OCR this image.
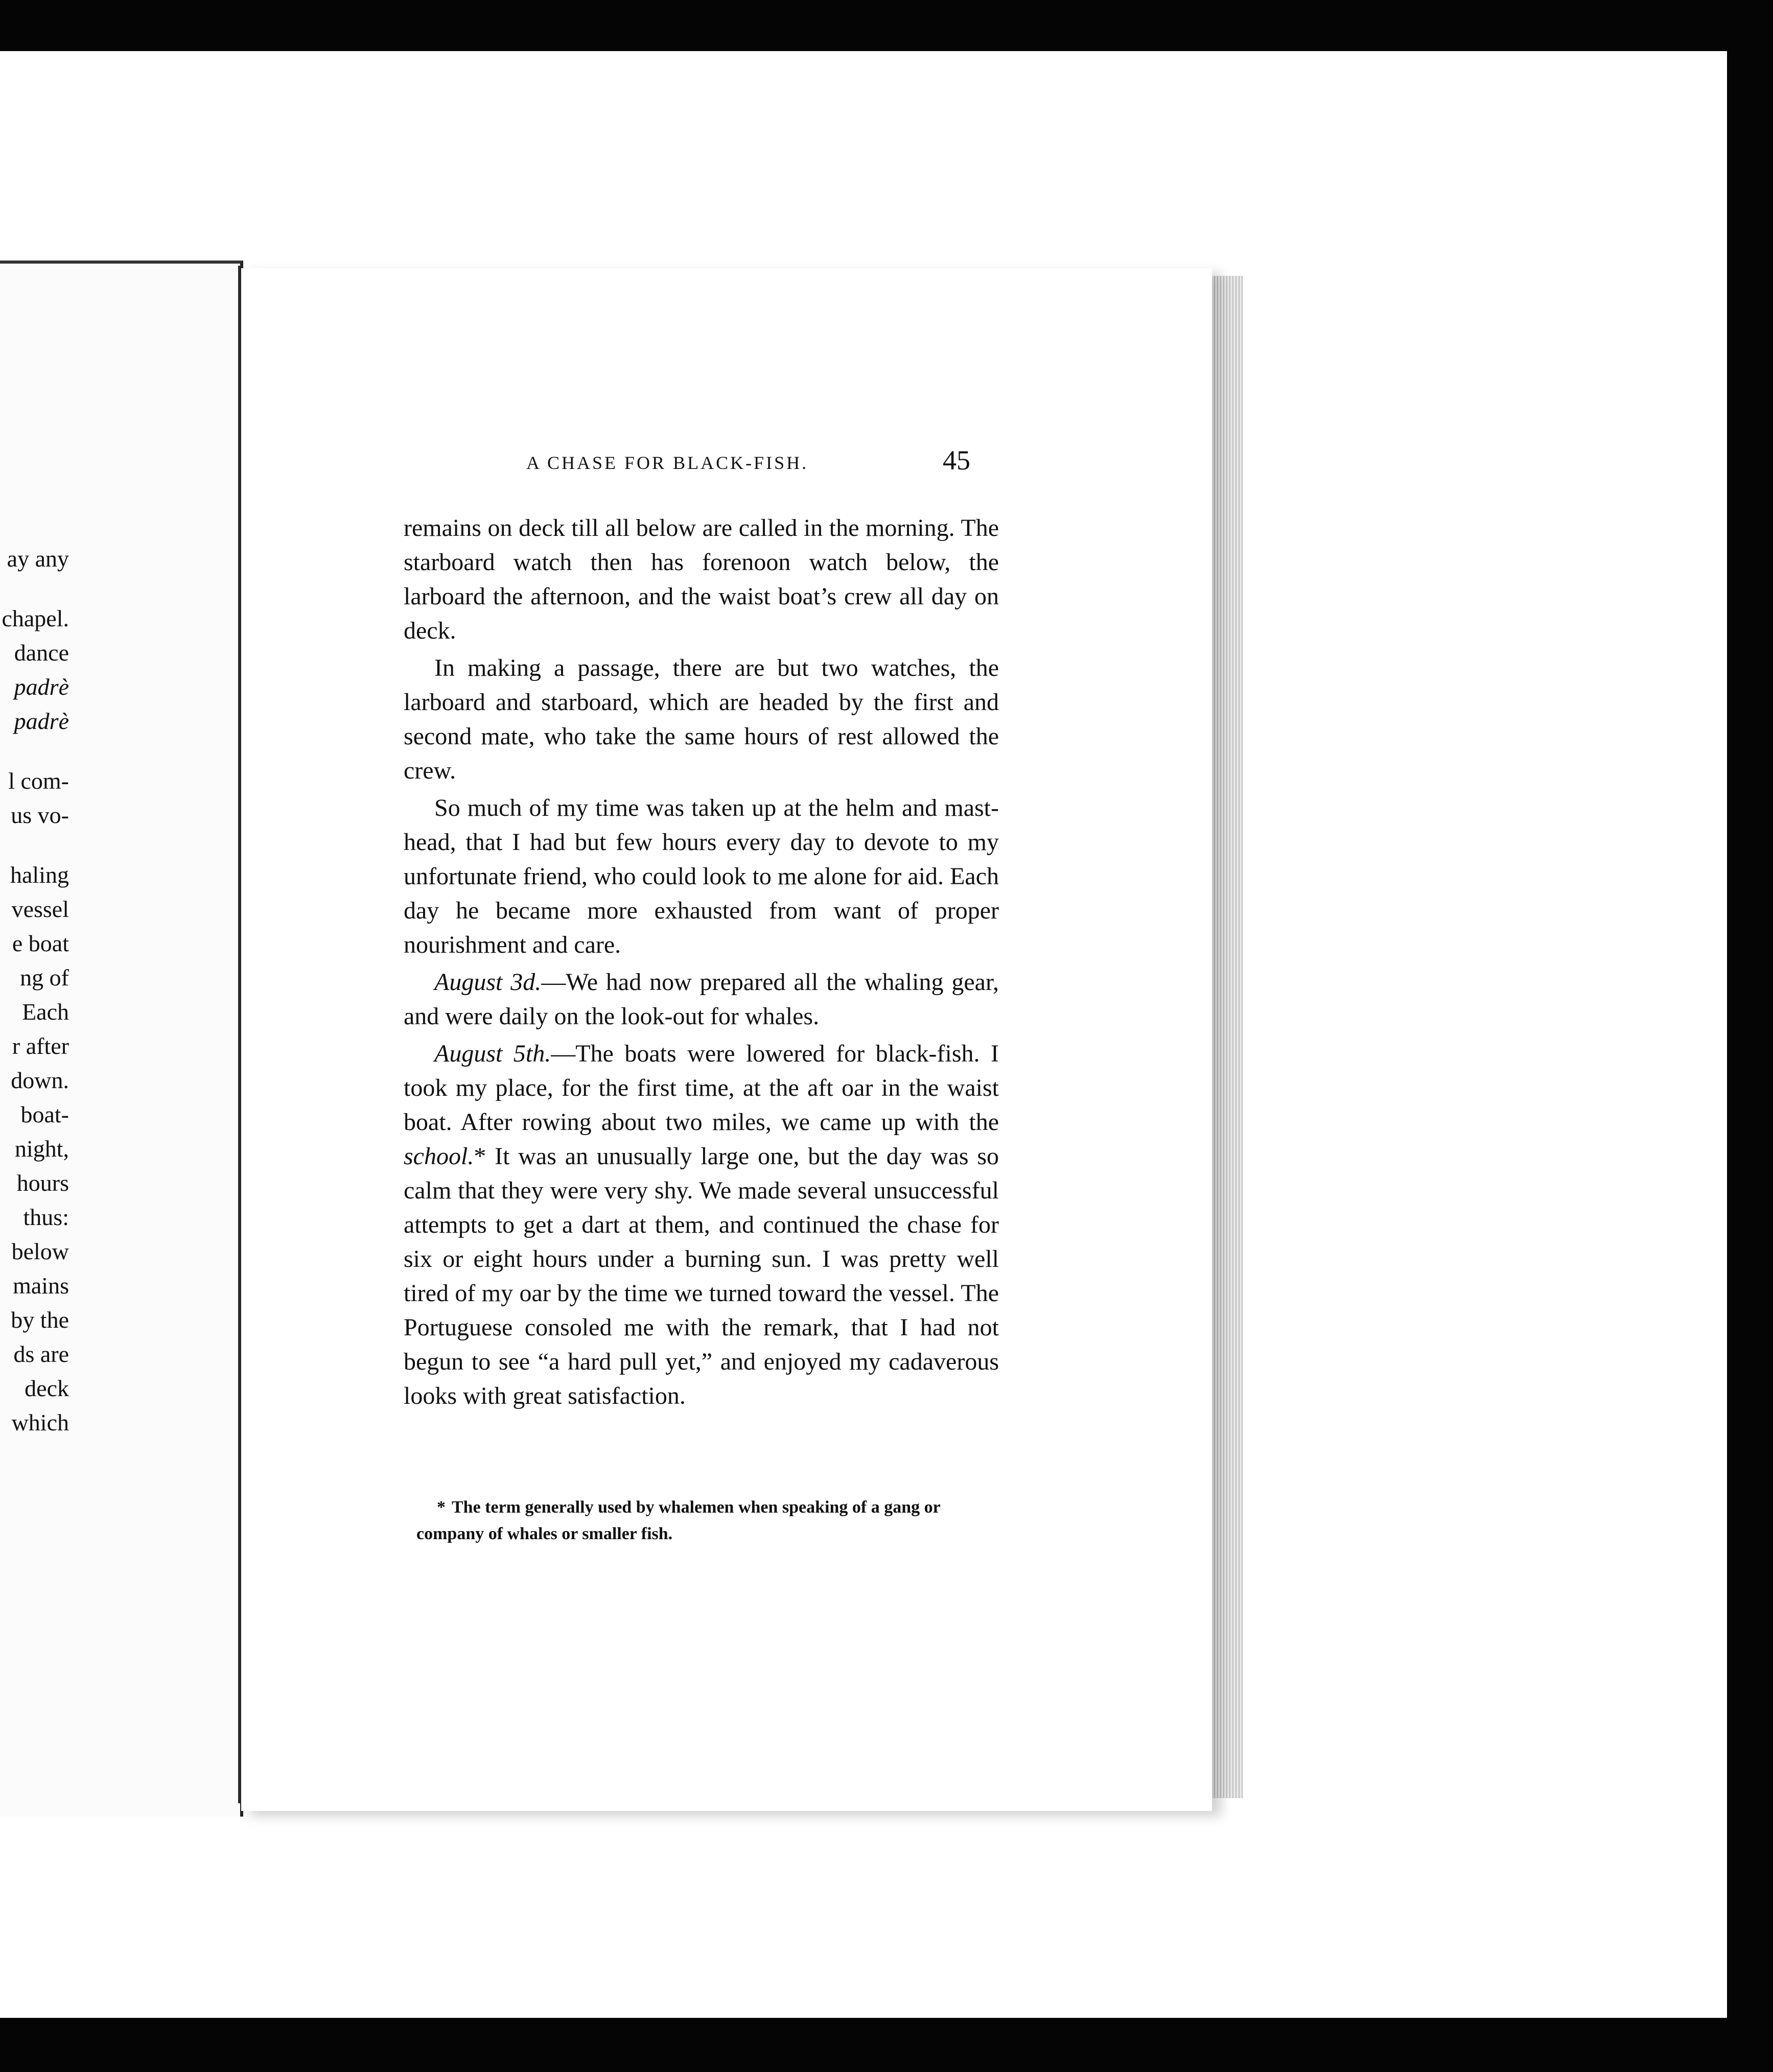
ay any
chapel.
dance
padrè
padrè
l com-
us vo-
haling
vessel
e boat
ng of
Each
r after
down.
boat-
night,
hours
thus:
below
mains
by the
ds are
deck
which
A CHASE FOR BLACK-FISH.	45

remains on deck till all below are called in the morning. The starboard watch then has forenoon watch below, the larboard the afternoon, and the waist boat’s crew all day on deck.

In making a passage, there are but two watches, the larboard and starboard, which are headed by the first and second mate, who take the same hours of rest allowed the crew.

So much of my time was taken up at the helm and mast-head, that I had but few hours every day to devote to my unfortunate friend, who could look to me alone for aid. Each day he became more exhausted from want of proper nourishment and care.

August 3d.—We had now prepared all the whaling gear, and were daily on the look-out for whales.

August 5th.—The boats were lowered for black-fish. I took my place, for the first time, at the aft oar in the waist boat. After rowing about two miles, we came up with the school.* It was an unusually large one, but the day was so calm that they were very shy. We made several unsuccessful attempts to get a dart at them, and continued the chase for six or eight hours under a burning sun. I was pretty well tired of my oar by the time we turned toward the vessel. The Portuguese consoled me with the remark, that I had not begun to see “a hard pull yet,” and enjoyed my cadaverous looks with great satisfaction.

* The term generally used by whalemen when speaking of a gang or company of whales or smaller fish.
